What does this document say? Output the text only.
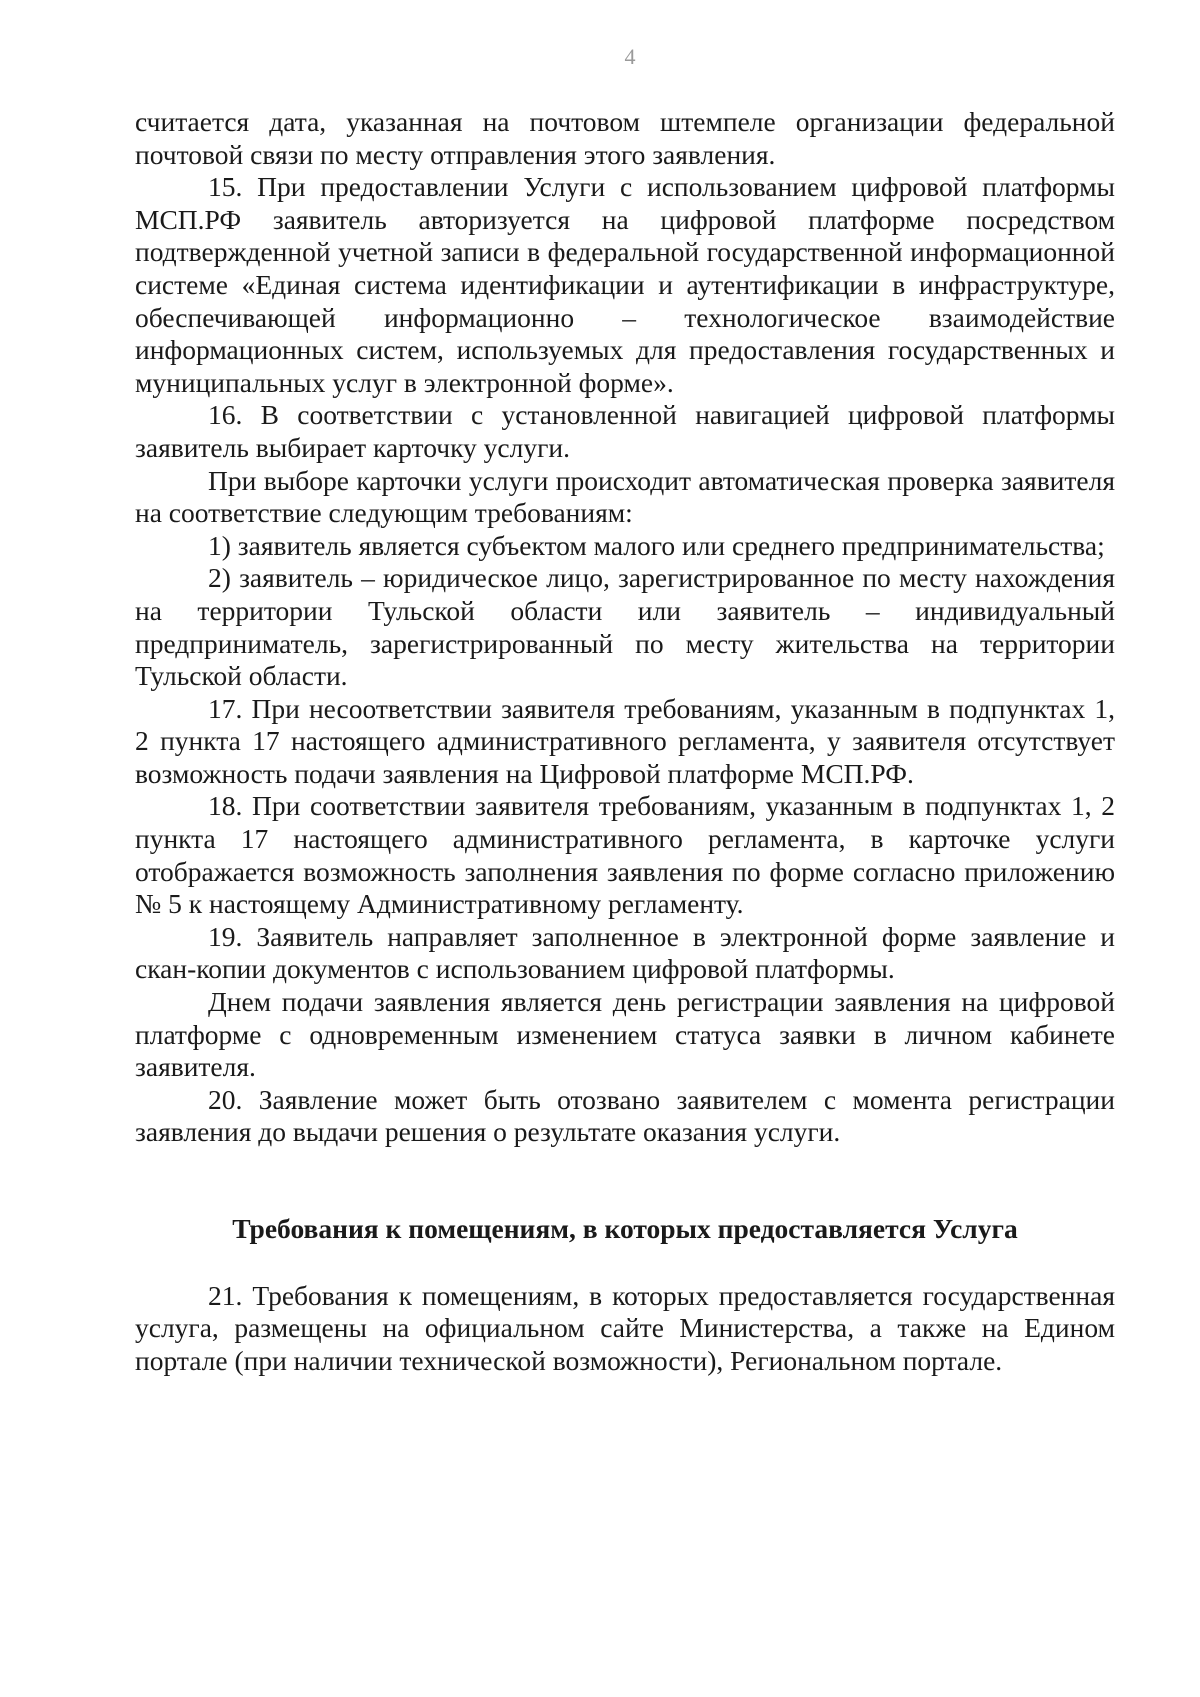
4

считается дата, указанная на почтовом штемпеле организации федеральной почтовой связи по месту отправления этого заявления.

15. При предоставлении Услуги с использованием цифровой платформы МСП.РФ заявитель авторизуется на цифровой платформе посредством подтвержденной учетной записи в федеральной государственной информационной системе «Единая система идентификации и аутентификации в инфраструктуре, обеспечивающей информационно – технологическое взаимодействие информационных систем, используемых для предоставления государственных и муниципальных услуг в электронной форме».

16. В соответствии с установленной навигацией цифровой платформы заявитель выбирает карточку услуги.

При выборе карточки услуги происходит автоматическая проверка заявителя на соответствие следующим требованиям:

1) заявитель является субъектом малого или среднего предпринимательства;

2) заявитель – юридическое лицо, зарегистрированное по месту нахождения на территории Тульской области или заявитель – индивидуальный предприниматель, зарегистрированный по месту жительства на территории Тульской области.

17. При несоответствии заявителя требованиям, указанным в подпунктах 1, 2 пункта 17 настоящего административного регламента, у заявителя отсутствует возможность подачи заявления на Цифровой платформе МСП.РФ.

18. При соответствии заявителя требованиям, указанным в подпунктах 1, 2 пункта 17 настоящего административного регламента, в карточке услуги отображается возможность заполнения заявления по форме согласно приложению № 5 к настоящему Административному регламенту.

19. Заявитель направляет заполненное в электронной форме заявление и скан-копии документов с использованием цифровой платформы.

Днем подачи заявления является день регистрации заявления на цифровой платформе с одновременным изменением статуса заявки в личном кабинете заявителя.

20. Заявление может быть отозвано заявителем с момента регистрации заявления до выдачи решения о результате оказания услуги.

Требования к помещениям, в которых предоставляется Услуга

21. Требования к помещениям, в которых предоставляется государственная услуга, размещены на официальном сайте Министерства, а также на Едином портале (при наличии технической возможности), Региональном портале.
